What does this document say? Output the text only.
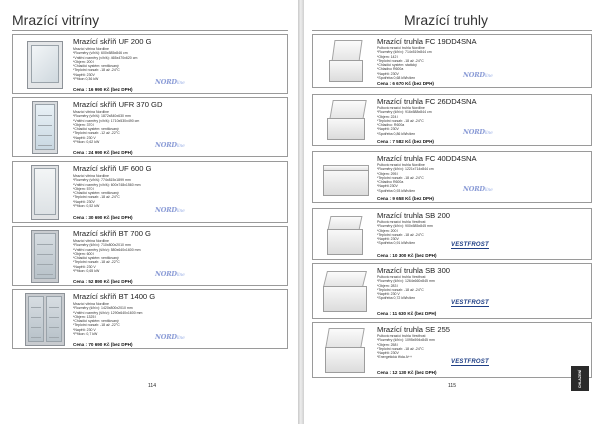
Mrazící vitríny
Mrazící skříň UF 200 G
Mrazící vitrína Nordline
*Rozměry (v/h/š): 600x585x846 cm
*Vnitřní rozměry (v/h/š): 465x470x620 cm
*Objem: 200 l
*Chladící systém: ventilovaný
*Teplotní rozsah: -18 až -24°C
*Napětí: 230V
*Příkon 0,36 kW	NORDline
Cena : 16 990 Kč (bez DPH)
Mrazící skříň UFR 370 GD
Mrazící vitrína Nordline
*Rozměry (v/h/š): 1872x840x630 mm
*Vnitřní rozměry (v/h/š): 1710x530x490 cm
*Objem: 370 l
*Chladící systém: ventilovaný
*Teplotní rozsah: -12 až -22°C
*Napětí: 230 V
*Příkon: 0,62 kW	NORDline
Cena : 24 990 Kč (bez DPH)
Mrazící skříň UF 600 G
Mrazící vitrína Nordline
*Rozměry (v/h/š): 774x815x1899 mm
*Vnitřní rozměry (v/h/š): 600x748x1560 mm
*Objem: 570 l
*Chladící systém: ventilovaný
*Teplotní rozsah: -18 až -24°C
*Napětí: 230V
*Příkon: 0,52 kW	NORDline
Cena : 30 690 Kč (bez DPH)
Mrazící skříň BT 700 G
Mrazící vitrína Nordline
*Rozměry (š/h/v): 710x800x2010 mm
*Vnitřní rozměry (š/h/v): 580x640x1600 mm
*Objem: 600 l
*Chladící systém: ventilovaný
*Teplotní rozsah: -18 až -22°C
*Napětí: 230 V
*Příkon: 0,65 kW	NORDline
Cena : 52 890 Kč (bez DPH)
Mrazící skříň BT 1400 G
Mrazící vitrína Nordline
*Rozměry (š/h/v): 1420x800x2010 mm
*Vnitřní rozměry (š/h/v): 1290x640x1600 mm
*Objem: 1325 l
*Chladící systém: ventilovaný
*Teplotní rozsah: -18 až -22°C
*Napětí: 230 V
*Příkon: 0,7 kW	NORDline
Cena : 70 690 Kč (bez DPH)
114
Mrazící truhly
Mrazící truhla FC 19DD4SNA
Pultová mrazící truhla Nordline
*Rozměry (š/h/v): 714x519x844 cm
*Objem: 142 l
*Teplotní rozsah: -18 až -24°C
*Chladící systém: statický
*Chladivo R600a
*Napětí: 230V
*Spotřeba 0,68 kWh/den	NORDline
Cena : 6 670 Kč (bez DPH)
Mrazící truhla FC 26DD4SNA
Pultová mrazící truhla Nordline
*Rozměry (š/h/v): 916x588x844 cm
*Objem: 224 l
*Teplotní rozsah: -18 až -24°C
*Chladivo: R600a
*Napětí: 230V
*Spotřeba 0,86 kWh/den	NORDline
Cena : 7 582 Kč (bez DPH)
Mrazící truhla FC 40DD4SNA
Pultová mrazící truhla Nordline
*Rozměry (š/h/v): 1221x714x844 cm
*Objem: 295 l
*Teplotní rozsah: -18 až -24°C
*Chladivo R600a
*Napětí 230V
*Spotřeba 0,93 kWh/den	NORDline
Cena : 9 658 Kč (bez DPH)
Mrazící truhla SB 200
Pultová mrazící truhla Vestfrost
*Rozměry (š/h/v): 900x585x845 mm
*Objem: 200 l
*Teplotní rozsah: -18 až -24°C
*Napětí: 230V
*Spotřeba 0,91 kWh/den	VESTFROST
Cena : 10 300 Kč (bez DPH)
Mrazící truhla SB 300
Pultová mrazící truhla Vestfrost
*Rozměry (š/h/v): 1264x660x845 mm
*Objem: 283 l
*Teplotní rozsah: -18 až -24°C
*Napětí: 230 V
*Spotřeba 0,72 kWh/den
VESTFROST
Cena : 11 630 Kč (bez DPH)
Mrazící truhla SE 255
Pultová mrazící truhla Vestfrost
*Rozměry (š/h/v): 1095x594x845 mm
*Objem: 258 l
*Teplotní rozsah: -18 až -24°C
*Napětí: 230V
*Energetická třída A++
VESTFROST
Cena : 12 130 Kč (bez DPH)
115	CHLAZENÍ
